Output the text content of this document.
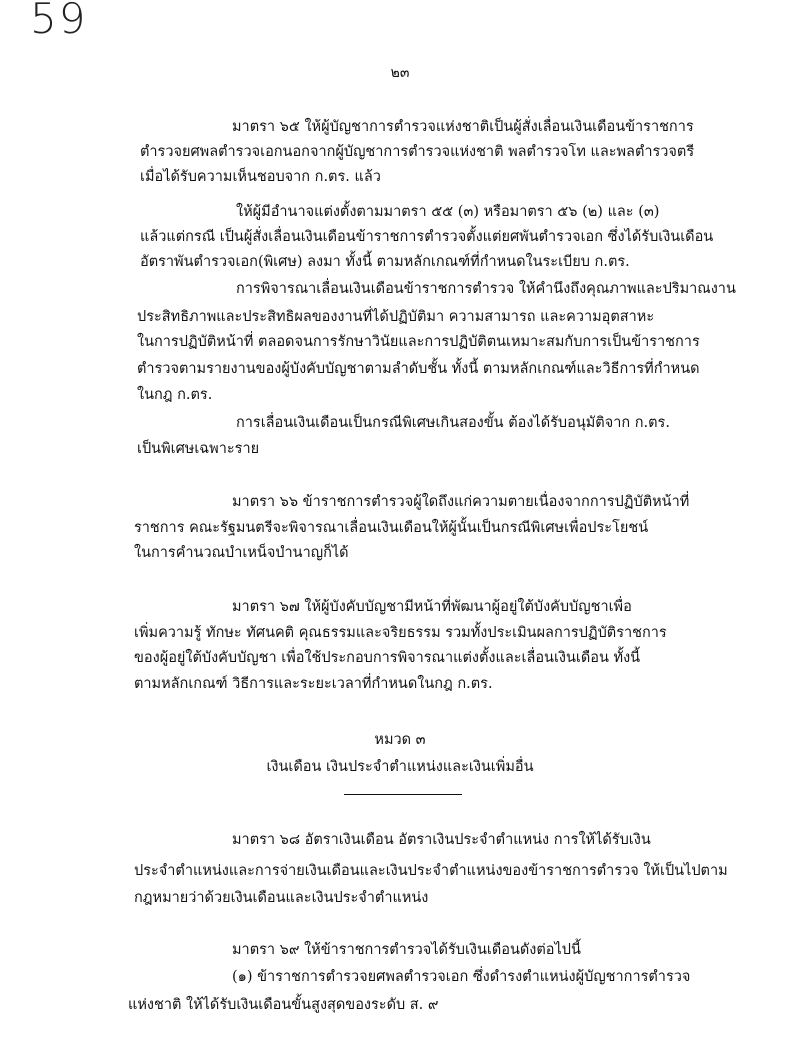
59
๒๓
มาตรา ๖๕ ให้ผู้บัญชาการตำรวจแห่งชาติเป็นผู้สั่งเลื่อนเงินเดือนข้าราชการ
ตำรวจยศพลตำรวจเอกนอกจากผู้บัญชาการตำรวจแห่งชาติ พลตำรวจโท และพลตำรวจตรี
เมื่อได้รับความเห็นชอบจาก ก.ตร. แล้ว
ให้ผู้มีอำนาจแต่งตั้งตามมาตรา ๕๕ (๓) หรือมาตรา ๕๖ (๒) และ (๓)
แล้วแต่กรณี เป็นผู้สั่งเลื่อนเงินเดือนข้าราชการตำรวจตั้งแต่ยศพันตำรวจเอก ซึ่งได้รับเงินเดือน
อัตราพันตำรวจเอก(พิเศษ) ลงมา ทั้งนี้ ตามหลักเกณฑ์ที่กำหนดในระเบียบ ก.ตร.
การพิจารณาเลื่อนเงินเดือนข้าราชการตำรวจ ให้คำนึงถึงคุณภาพและปริมาณงาน
ประสิทธิภาพและประสิทธิผลของงานที่ได้ปฏิบัติมา ความสามารถ และความอุตสาหะ
ในการปฏิบัติหน้าที่ ตลอดจนการรักษาวินัยและการปฏิบัติตนเหมาะสมกับการเป็นข้าราชการ
ตำรวจตามรายงานของผู้บังคับบัญชาตามลำดับชั้น ทั้งนี้ ตามหลักเกณฑ์และวิธีการที่กำหนด
ในกฎ ก.ตร.
การเลื่อนเงินเดือนเป็นกรณีพิเศษเกินสองขั้น ต้องได้รับอนุมัติจาก ก.ตร.
เป็นพิเศษเฉพาะราย
มาตรา ๖๖ ข้าราชการตำรวจผู้ใดถึงแก่ความตายเนื่องจากการปฏิบัติหน้าที่
ราชการ คณะรัฐมนตรีจะพิจารณาเลื่อนเงินเดือนให้ผู้นั้นเป็นกรณีพิเศษเพื่อประโยชน์
ในการคำนวณบำเหน็จบำนาญก็ได้
มาตรา ๖๗ ให้ผู้บังคับบัญชามีหน้าที่พัฒนาผู้อยู่ใต้บังคับบัญชาเพื่อ
เพิ่มความรู้ ทักษะ ทัศนคติ คุณธรรมและจริยธรรม รวมทั้งประเมินผลการปฏิบัติราชการ
ของผู้อยู่ใต้บังคับบัญชา เพื่อใช้ประกอบการพิจารณาแต่งตั้งและเลื่อนเงินเดือน ทั้งนี้
ตามหลักเกณฑ์ วิธีการและระยะเวลาที่กำหนดในกฎ ก.ตร.
หมวด ๓
เงินเดือน เงินประจำตำแหน่งและเงินเพิ่มอื่น
มาตรา ๖๘ อัตราเงินเดือน อัตราเงินประจำตำแหน่ง การให้ได้รับเงิน
ประจำตำแหน่งและการจ่ายเงินเดือนและเงินประจำตำแหน่งของข้าราชการตำรวจ ให้เป็นไปตาม
กฎหมายว่าด้วยเงินเดือนและเงินประจำตำแหน่ง
มาตรา ๖๙ ให้ข้าราชการตำรวจได้รับเงินเดือนดังต่อไปนี้
(๑) ข้าราชการตำรวจยศพลตำรวจเอก ซึ่งดำรงตำแหน่งผู้บัญชาการตำรวจ
แห่งชาติ ให้ได้รับเงินเดือนขั้นสูงสุดของระดับ ส. ๙
